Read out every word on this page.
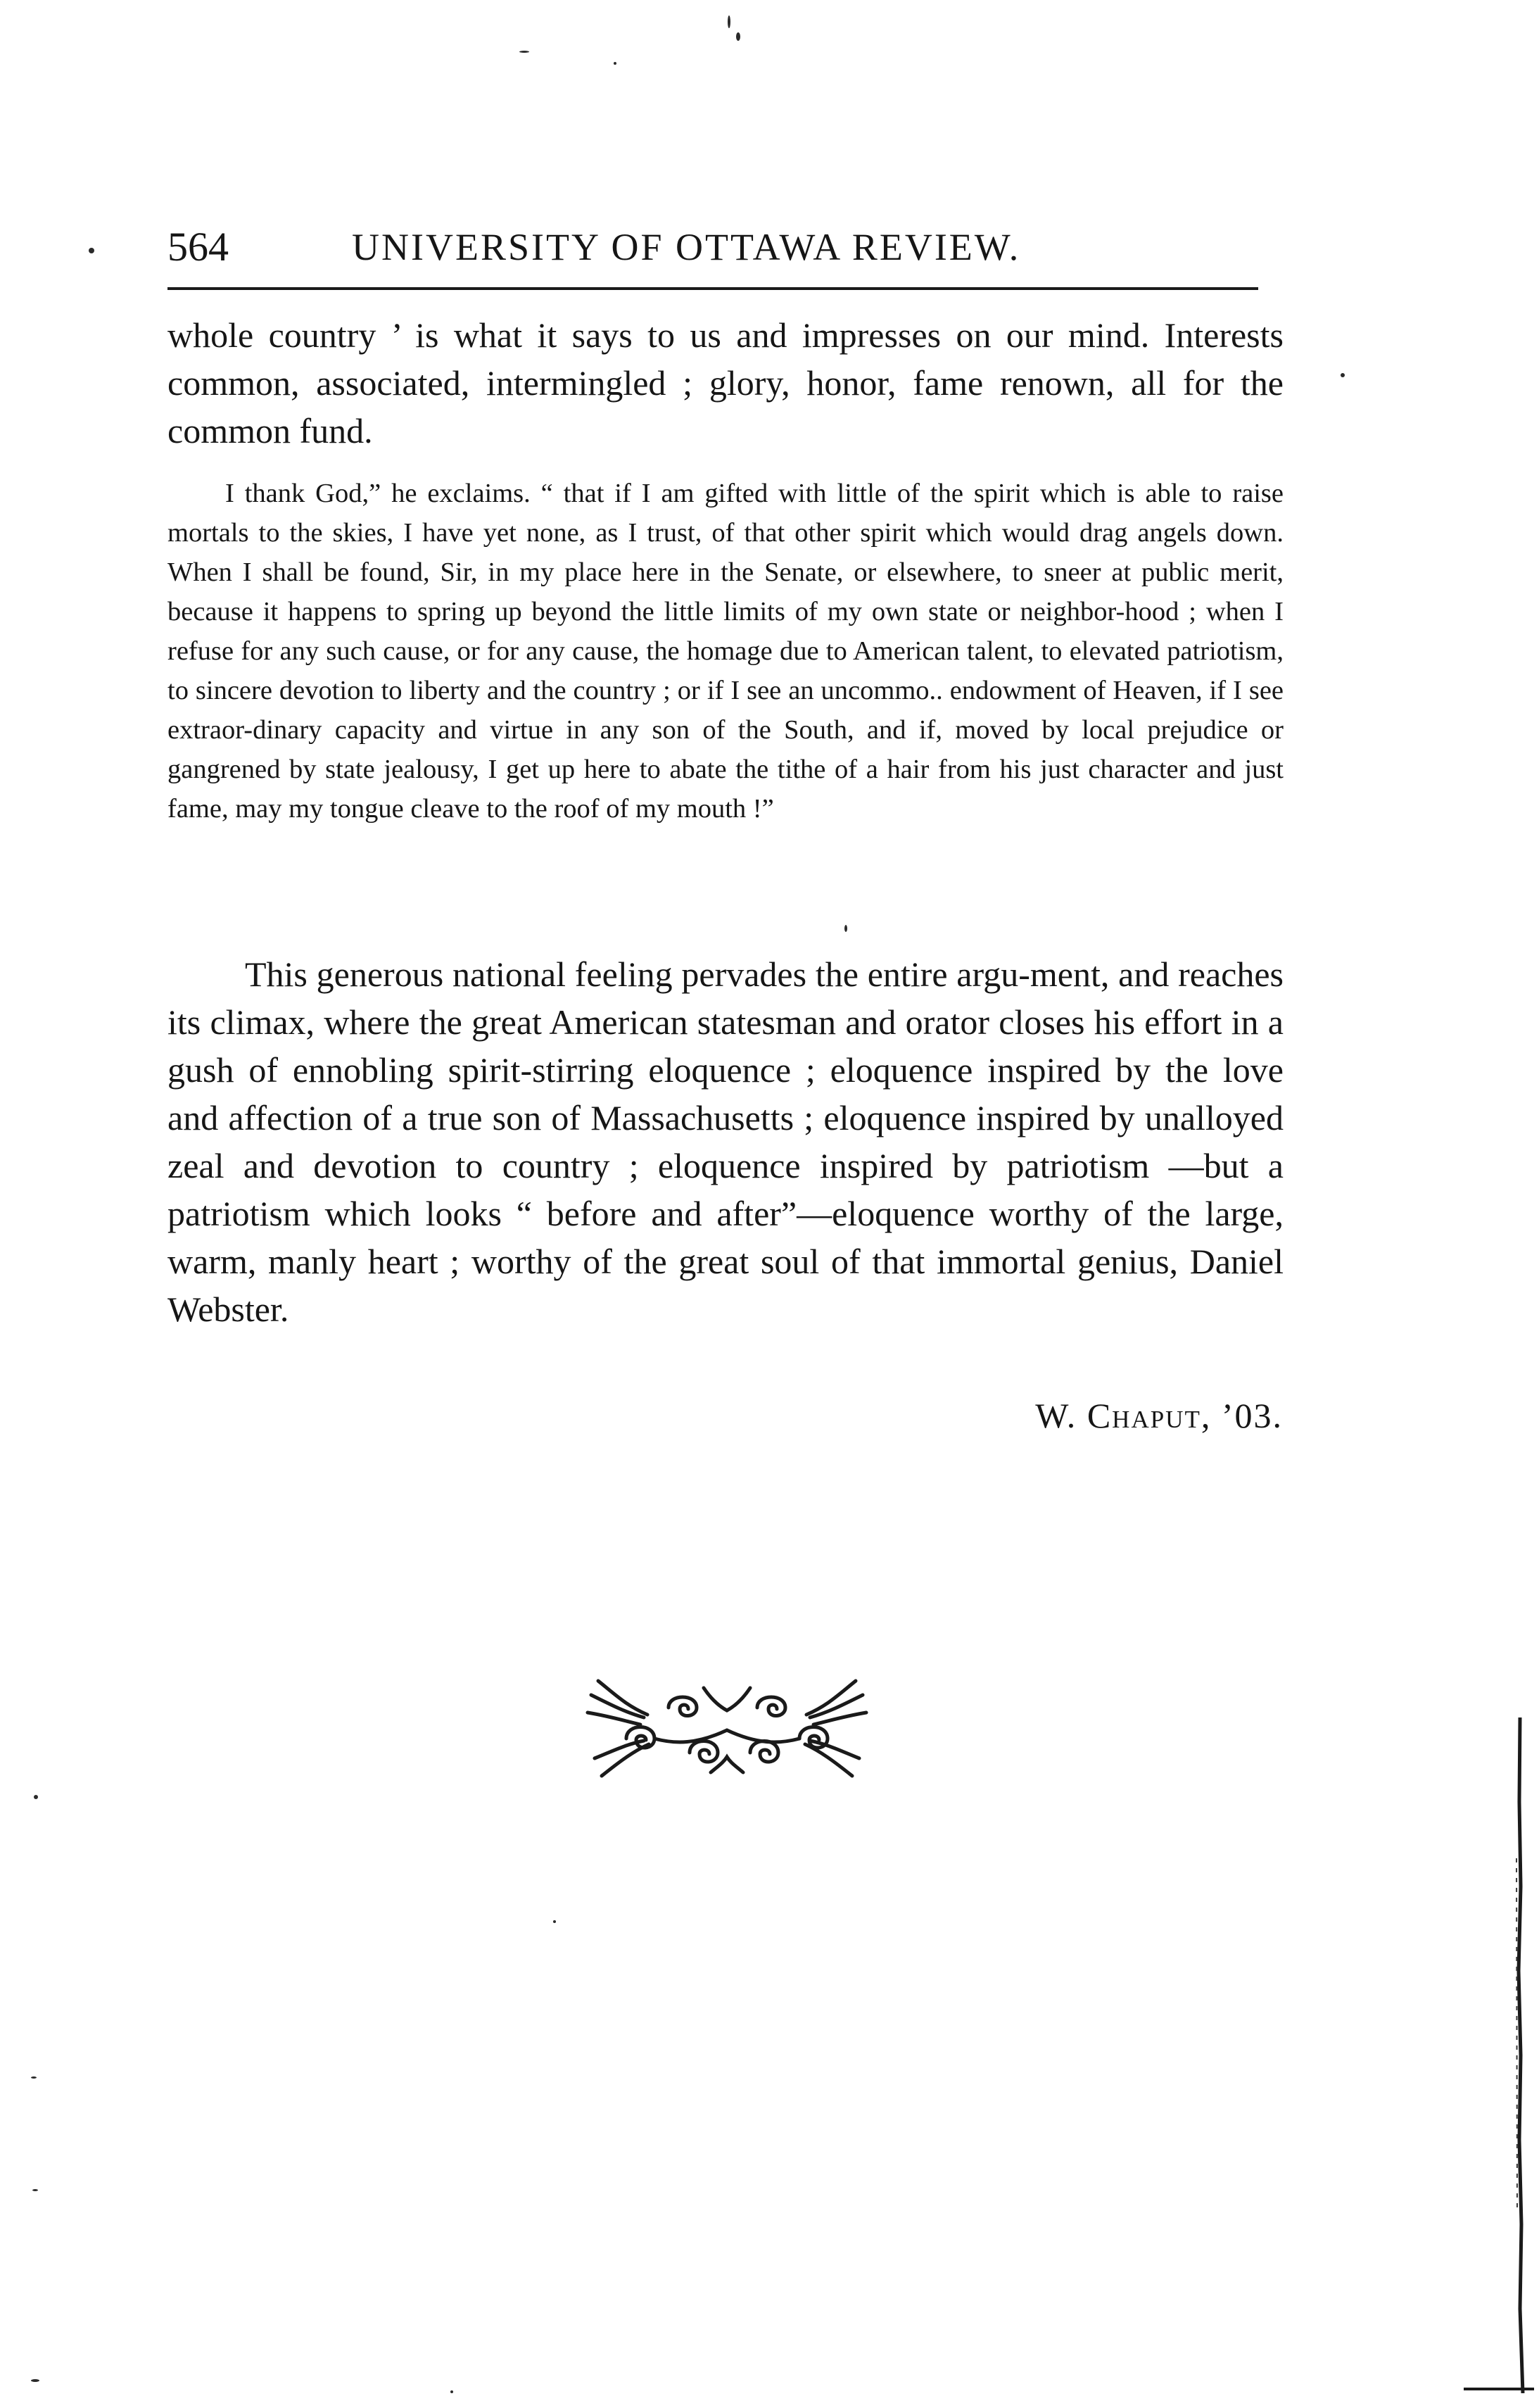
564	UNIVERSITY OF OTTAWA REVIEW.

whole country ’ is what it says to us and impresses on our mind. Interests common, associated, intermingled ; glory, honor, fame renown, all for the common fund.

I thank God,” he exclaims. “ that if I am gifted with little of the spirit which is able to raise mortals to the skies, I have yet none, as I trust, of that other spirit which would drag angels down. When I shall be found, Sir, in my place here in the Senate, or elsewhere, to sneer at public merit, because it happens to spring up beyond the little limits of my own state or neighbor-hood ; when I refuse for any such cause, or for any cause, the homage due to American talent, to elevated patriotism, to sincere devotion to liberty and the country ; or if I see an uncommo.. endowment of Heaven, if I see extraor-dinary capacity and virtue in any son of the South, and if, moved by local prejudice or gangrened by state jealousy, I get up here to abate the tithe of a hair from his just character and just fame, may my tongue cleave to the roof of my mouth !”

This generous national feeling pervades the entire argu-ment, and reaches its climax, where the great American statesman and orator closes his effort in a gush of ennobling spirit-stirring eloquence ; eloquence inspired by the love and affection of a true son of Massachusetts ; eloquence inspired by unalloyed zeal and devotion to country ; eloquence inspired by patriotism —but a patriotism which looks “ before and after”—eloquence worthy of the large, warm, manly heart ; worthy of the great soul of that immortal genius, Daniel Webster.

W. Chaput, ’03.
